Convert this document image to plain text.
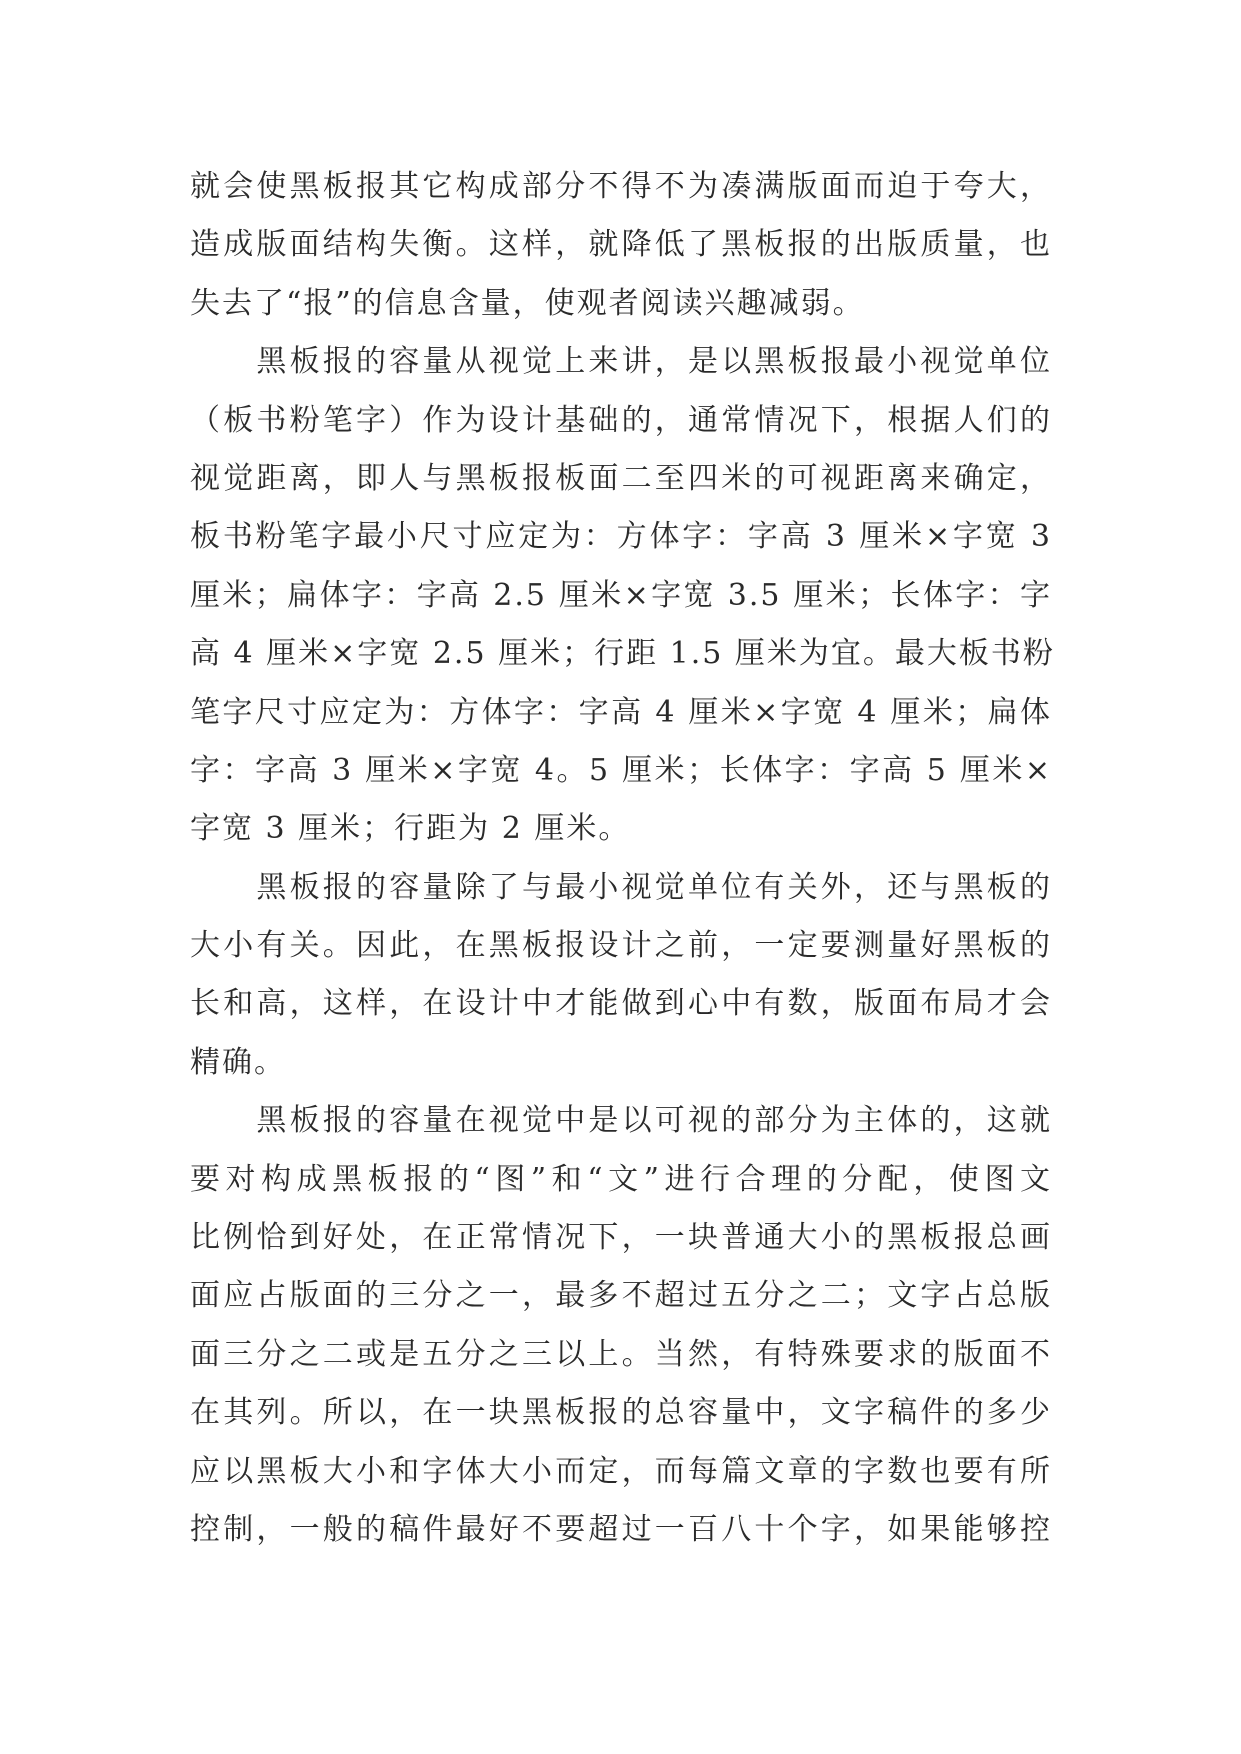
就会使黑板报其它构成部分不得不为凑满版面而迫于夸大，
造成版面结构失衡。这样，就降低了黑板报的出版质量，也
失去了“报”的信息含量，使观者阅读兴趣减弱。
　　黑板报的容量从视觉上来讲，是以黑板报最小视觉单位
（板书粉笔字）作为设计基础的，通常情况下，根据人们的
视觉距离，即人与黑板报板面二至四米的可视距离来确定，
板书粉笔字最小尺寸应定为：方体字：字高 3 厘米×字宽 3
厘米；扁体字：字高 2.5 厘米×字宽 3.5 厘米；长体字：字
高 4 厘米×字宽 2.5 厘米；行距 1.5 厘米为宜。最大板书粉
笔字尺寸应定为：方体字：字高 4 厘米×字宽 4 厘米；扁体
字：字高 3 厘米×字宽 4。5 厘米；长体字：字高 5 厘米×
字宽 3 厘米；行距为 2 厘米。
　　黑板报的容量除了与最小视觉单位有关外，还与黑板的
大小有关。因此，在黑板报设计之前，一定要测量好黑板的
长和高，这样，在设计中才能做到心中有数，版面布局才会
精确。
　　黑板报的容量在视觉中是以可视的部分为主体的，这就
要对构成黑板报的“图”和“文”进行合理的分配，使图文
比例恰到好处，在正常情况下，一块普通大小的黑板报总画
面应占版面的三分之一，最多不超过五分之二；文字占总版
面三分之二或是五分之三以上。当然，有特殊要求的版面不
在其列。所以，在一块黑板报的总容量中，文字稿件的多少
应以黑板大小和字体大小而定，而每篇文章的字数也要有所
控制，一般的稿件最好不要超过一百八十个字，如果能够控
